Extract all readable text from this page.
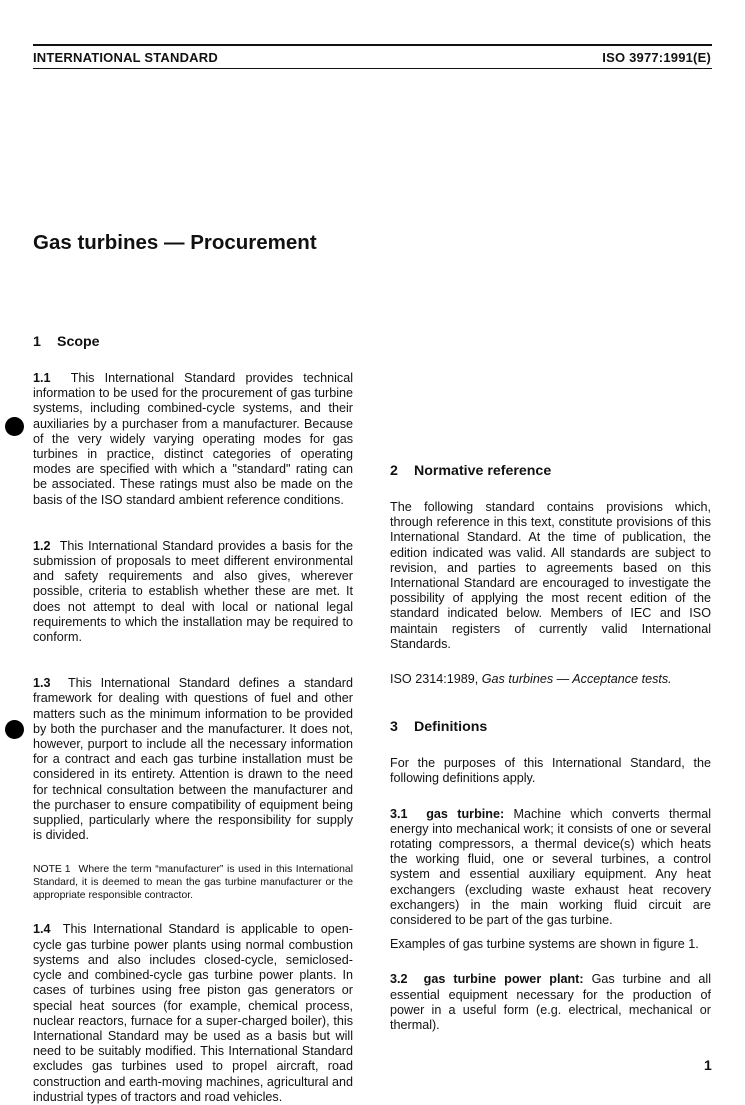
INTERNATIONAL STANDARD	ISO 3977:1991(E)
Gas turbines — Procurement
1 Scope

1.1 This International Standard provides technical information to be used for the procurement of gas turbine systems, including combined-cycle systems, and their auxiliaries by a purchaser from a manufacturer. Because of the very widely varying operating modes for gas turbines in practice, distinct categories of operating modes are specified with which a "standard" rating can be associated. These ratings must also be made on the basis of the ISO standard ambient reference conditions.

1.2 This International Standard provides a basis for the submission of proposals to meet different environmental and safety requirements and also gives, wherever possible, criteria to establish whether these are met. It does not attempt to deal with local or national legal requirements to which the installation may be required to conform.

1.3 This International Standard defines a standard framework for dealing with questions of fuel and other matters such as the minimum information to be provided by both the purchaser and the manufacturer. It does not, however, purport to include all the necessary information for a contract and each gas turbine installation must be considered in its entirety. Attention is drawn to the need for technical consultation between the manufacturer and the purchaser to ensure compatibility of equipment being supplied, particularly where the responsibility for supply is divided.

NOTE 1 Where the term “manufacturer” is used in this International Standard, it is deemed to mean the gas turbine manufacturer or the appropriate responsible contractor.

1.4 This International Standard is applicable to open-cycle gas turbine power plants using normal combustion systems and also includes closed-cycle, semiclosed-cycle and combined-cycle gas turbine power plants. In cases of turbines using free piston gas generators or special heat sources (for example, chemical process, nuclear reactors, furnace for a super-charged boiler), this International Standard may be used as a basis but will need to be suitably modified. This International Standard excludes gas turbines used to propel aircraft, road construction and earth-moving machines, agricultural and industrial types of tractors and road vehicles.

2 Normative reference

The following standard contains provisions which, through reference in this text, constitute provisions of this International Standard. At the time of publication, the edition indicated was valid. All standards are subject to revision, and parties to agreements based on this International Standard are encouraged to investigate the possibility of applying the most recent edition of the standard indicated below. Members of IEC and ISO maintain registers of currently valid International Standards.

ISO 2314:1989, Gas turbines — Acceptance tests.

3 Definitions

For the purposes of this International Standard, the following definitions apply.

3.1 gas turbine: Machine which converts thermal energy into mechanical work; it consists of one or several rotating compressors, a thermal device(s) which heats the working fluid, one or several turbines, a control system and essential auxiliary equipment. Any heat exchangers (excluding waste exhaust heat recovery exchangers) in the main working fluid circuit are considered to be part of the gas turbine.

Examples of gas turbine systems are shown in figure 1.

3.2 gas turbine power plant: Gas turbine and all essential equipment necessary for the production of power in a useful form (e.g. electrical, mechanical or thermal).

1
